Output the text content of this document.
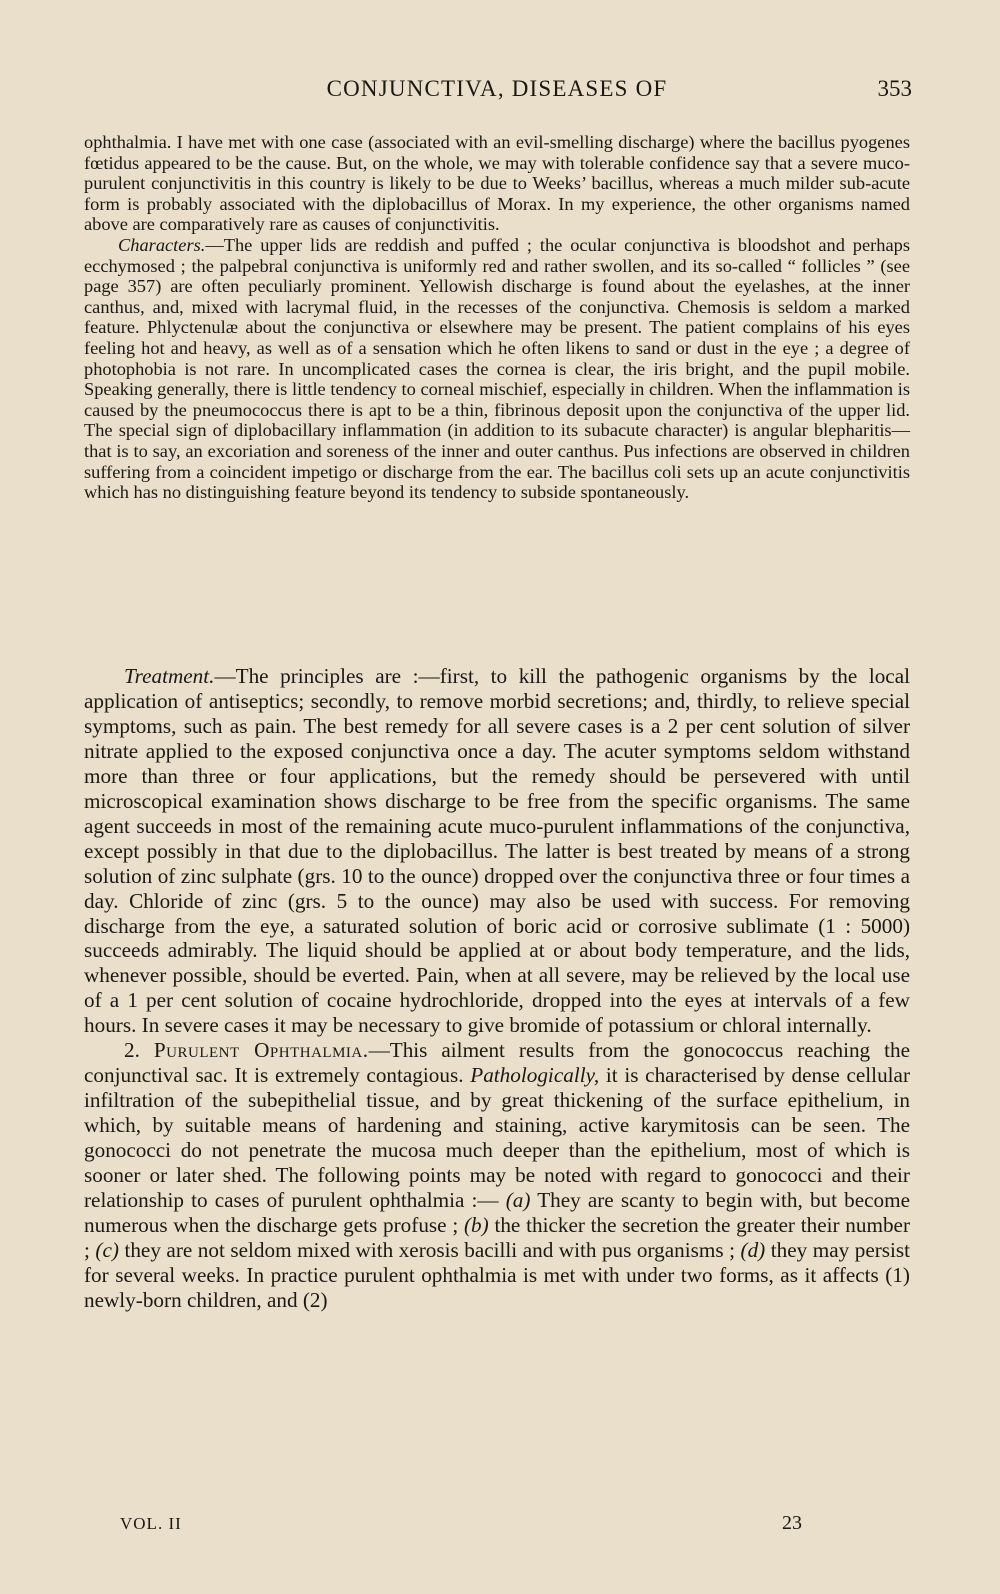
CONJUNCTIVA, DISEASES OF	353

ophthalmia. I have met with one case (associated with an evil-smelling discharge) where the bacillus pyogenes fœtidus appeared to be the cause. But, on the whole, we may with tolerable confidence say that a severe muco-purulent conjunctivitis in this country is likely to be due to Weeks’ bacillus, whereas a much milder sub-acute form is probably associated with the diplobacillus of Morax. In my experience, the other organisms named above are comparatively rare as causes of conjunctivitis.

Characters.—The upper lids are reddish and puffed ; the ocular conjunctiva is bloodshot and perhaps ecchymosed ; the palpebral conjunctiva is uniformly red and rather swollen, and its so-called “ follicles ” (see page 357) are often peculiarly prominent. Yellowish discharge is found about the eyelashes, at the inner canthus, and, mixed with lacrymal fluid, in the recesses of the conjunctiva. Chemosis is seldom a marked feature. Phlyctenulæ about the conjunctiva or elsewhere may be present. The patient complains of his eyes feeling hot and heavy, as well as of a sensation which he often likens to sand or dust in the eye ; a degree of photophobia is not rare. In uncomplicated cases the cornea is clear, the iris bright, and the pupil mobile. Speaking generally, there is little tendency to corneal mischief, especially in children. When the inflammation is caused by the pneumococcus there is apt to be a thin, fibrinous deposit upon the conjunctiva of the upper lid. The special sign of diplobacillary inflammation (in addition to its subacute character) is angular blepharitis—that is to say, an excoriation and soreness of the inner and outer canthus. Pus infections are observed in children suffering from a coincident impetigo or discharge from the ear. The bacillus coli sets up an acute conjunctivitis which has no distinguishing feature beyond its tendency to subside spontaneously.

Treatment.—The principles are :—first, to kill the pathogenic organisms by the local application of antiseptics; secondly, to remove morbid secretions; and, thirdly, to relieve special symptoms, such as pain. The best remedy for all severe cases is a 2 per cent solution of silver nitrate applied to the exposed conjunctiva once a day. The acuter symptoms seldom withstand more than three or four applications, but the remedy should be persevered with until microscopical examination shows discharge to be free from the specific organisms. The same agent succeeds in most of the remaining acute muco-purulent inflammations of the conjunctiva, except possibly in that due to the diplobacillus. The latter is best treated by means of a strong solution of zinc sulphate (grs. 10 to the ounce) dropped over the conjunctiva three or four times a day. Chloride of zinc (grs. 5 to the ounce) may also be used with success. For removing discharge from the eye, a saturated solution of boric acid or corrosive sublimate (1 : 5000) succeeds admirably. The liquid should be applied at or about body temperature, and the lids, whenever possible, should be everted. Pain, when at all severe, may be relieved by the local use of a 1 per cent solution of cocaine hydrochloride, dropped into the eyes at intervals of a few hours. In severe cases it may be necessary to give bromide of potassium or chloral internally.

2. Purulent Ophthalmia.—This ailment results from the gonococcus reaching the conjunctival sac. It is extremely contagious. Pathologically, it is characterised by dense cellular infiltration of the subepithelial tissue, and by great thickening of the surface epithelium, in which, by suitable means of hardening and staining, active karymitosis can be seen. The gonococci do not penetrate the mucosa much deeper than the epithelium, most of which is sooner or later shed. The following points may be noted with regard to gonococci and their relationship to cases of purulent ophthalmia :— (a) They are scanty to begin with, but become numerous when the discharge gets profuse ; (b) the thicker the secretion the greater their number ; (c) they are not seldom mixed with xerosis bacilli and with pus organisms ; (d) they may persist for several weeks. In practice purulent ophthalmia is met with under two forms, as it affects (1) newly-born children, and (2)

VOL. II	23
